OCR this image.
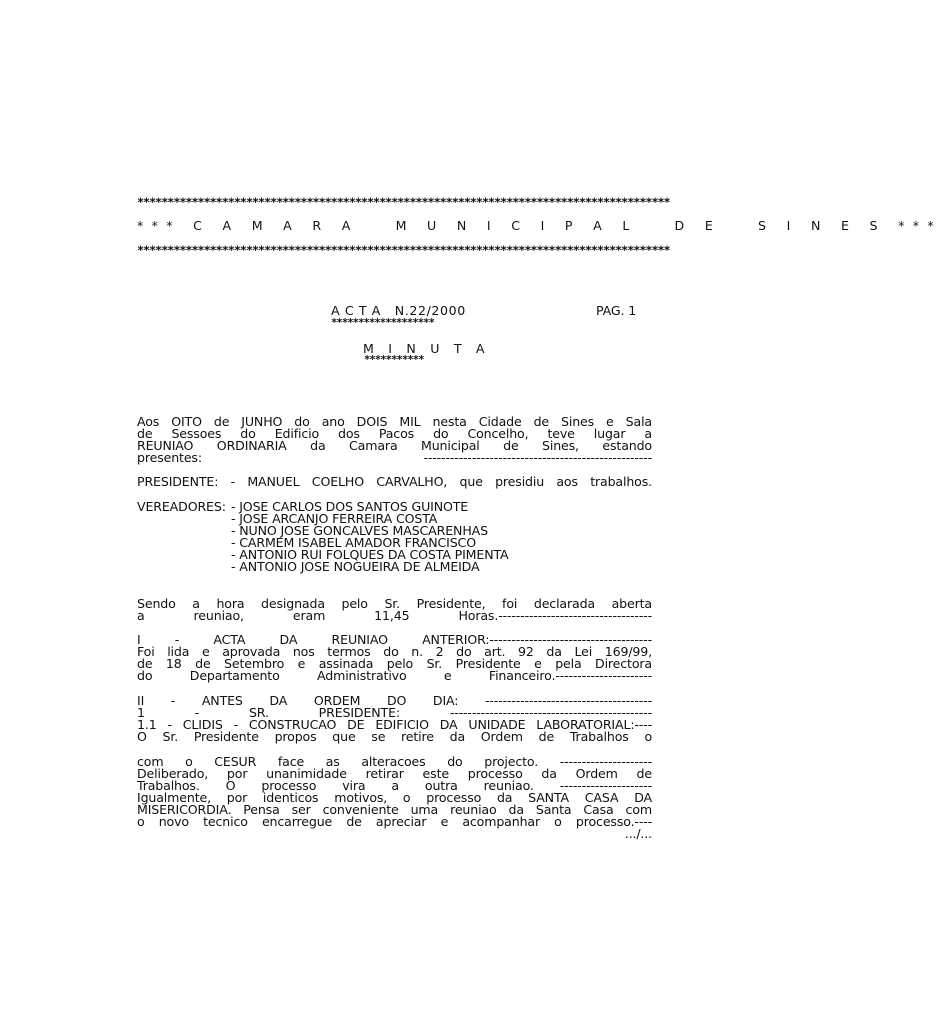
****************************************************************************************
*** C A M A R A   M U N I C I P A L   D E   S I N E S ***
****************************************************************************************
A C T A   N.22/2000
*******************
PAG. 1
M I N U T A
***********
Aos OITO de JUNHO do ano DOIS MIL nesta Cidade de Sines e Sala
de Sessoes do Edificio dos Pacos do Concelho, teve lugar a
REUNIAO ORDINARIA da Camara Municipal de Sines, estando
presentes: ----------------------------------------------------
PRESIDENTE: - MANUEL COELHO CARVALHO, que presidiu aos trabalhos.
VEREADORES: - JOSE CARLOS DOS SANTOS GUINOTE
- JOSE ARCANJO FERREIRA COSTA
- NUNO JOSE GONCALVES MASCARENHAS
- CARMEM ISABEL AMADOR FRANCISCO
- ANTONIO RUI FOLQUES DA COSTA PIMENTA
- ANTONIO JOSE NOGUEIRA DE ALMEIDA
Sendo a hora designada pelo Sr. Presidente, foi declarada aberta
a reuniao, eram 11,45 Horas.-----------------------------------
I - ACTA DA REUNIAO ANTERIOR:-------------------------------------
Foi lida e aprovada nos termos do n. 2 do art. 92 da Lei 169/99,
de 18 de Setembro e assinada pelo Sr. Presidente e pela Directora
do Departamento Administrativo e Financeiro.----------------------
II - ANTES DA ORDEM DO DIA: --------------------------------------
1 - SR. PRESIDENTE: ----------------------------------------------
1.1 - CLIDIS - CONSTRUCAO DE EDIFICIO DA UNIDADE LABORATORIAL:----
O Sr. Presidente propos que se retire da Ordem de Trabalhos o
com o CESUR face as alteracoes do projecto. ---------------------
Deliberado, por unanimidade retirar este processo da Ordem de
Trabalhos. O processo vira a outra reuniao. ---------------------
Igualmente, por identicos motivos, o processo da SANTA CASA DA
MISERICORDIA. Pensa ser conveniente uma reuniao da Santa Casa com
o novo tecnico encarregue de apreciar e acompanhar o processo.----
.../...
